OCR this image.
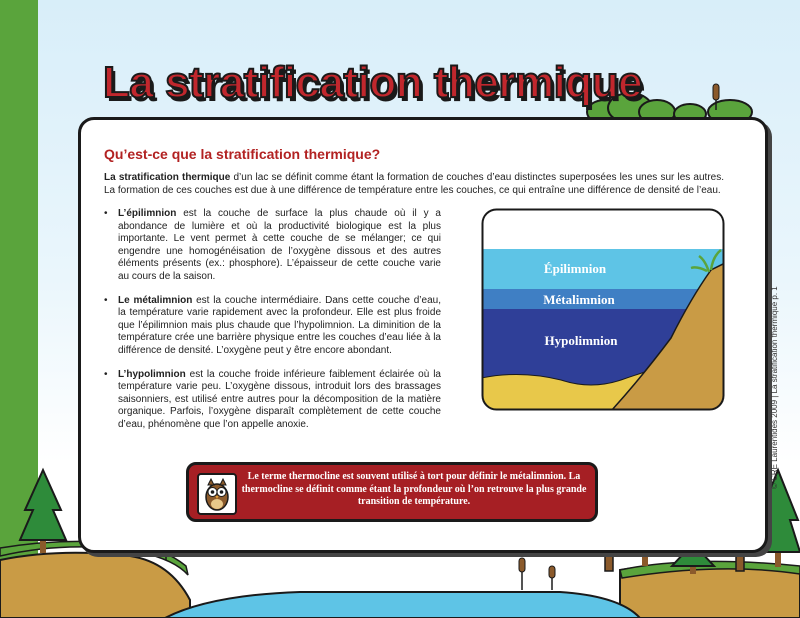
La stratification thermique
Qu’est-ce que la stratification thermique?

La stratification thermique d’un lac se définit comme étant la formation de couches d’eau distinctes superposées les unes sur les autres. La formation de ces couches est due à une différence de température entre les couches, ce qui entraîne une différence de densité de l’eau.

• L’épilimnion est la couche de surface la plus chaude où il y a abondance de lumière et où la productivité biologique est la plus importante. Le vent permet à cette couche de se mélanger; ce qui engendre une homogénéisation de l’oxygène dissous et des autres éléments présents (ex.: phosphore). L’épaisseur de cette couche varie au cours de la saison.
• Le métalimnion est la couche intermédiaire. Dans cette couche d’eau, la température varie rapidement avec la profondeur. Elle est plus froide que l’épilimnion mais plus chaude que l’hypolimnion. La diminition de la température crée une barrière physique entre les couches d’eau liée à la différence de densité. L’oxygène peut y être encore abondant.
• L’hypolimnion est la couche froide inférieure faiblement éclairée où la température varie peu. L’oxygène dissous, introduit lors des brassages saisonniers, est utilisé entre autres pour la décomposition de la matière organique. Parfois, l’oxygène disparaît complètement de cette couche d’eau, phénomène que l’on appelle anoxie.
Épilimnion
Métalimnion
Hypolimnion
Le terme thermocline est souvent utilisé à tort pour définir le métalimnion. La thermocline se définit comme étant la profondeur où l’on retrouve la plus grande transition de température.
© CRE Laurentides 2009 | La stratification thermique p. 1
